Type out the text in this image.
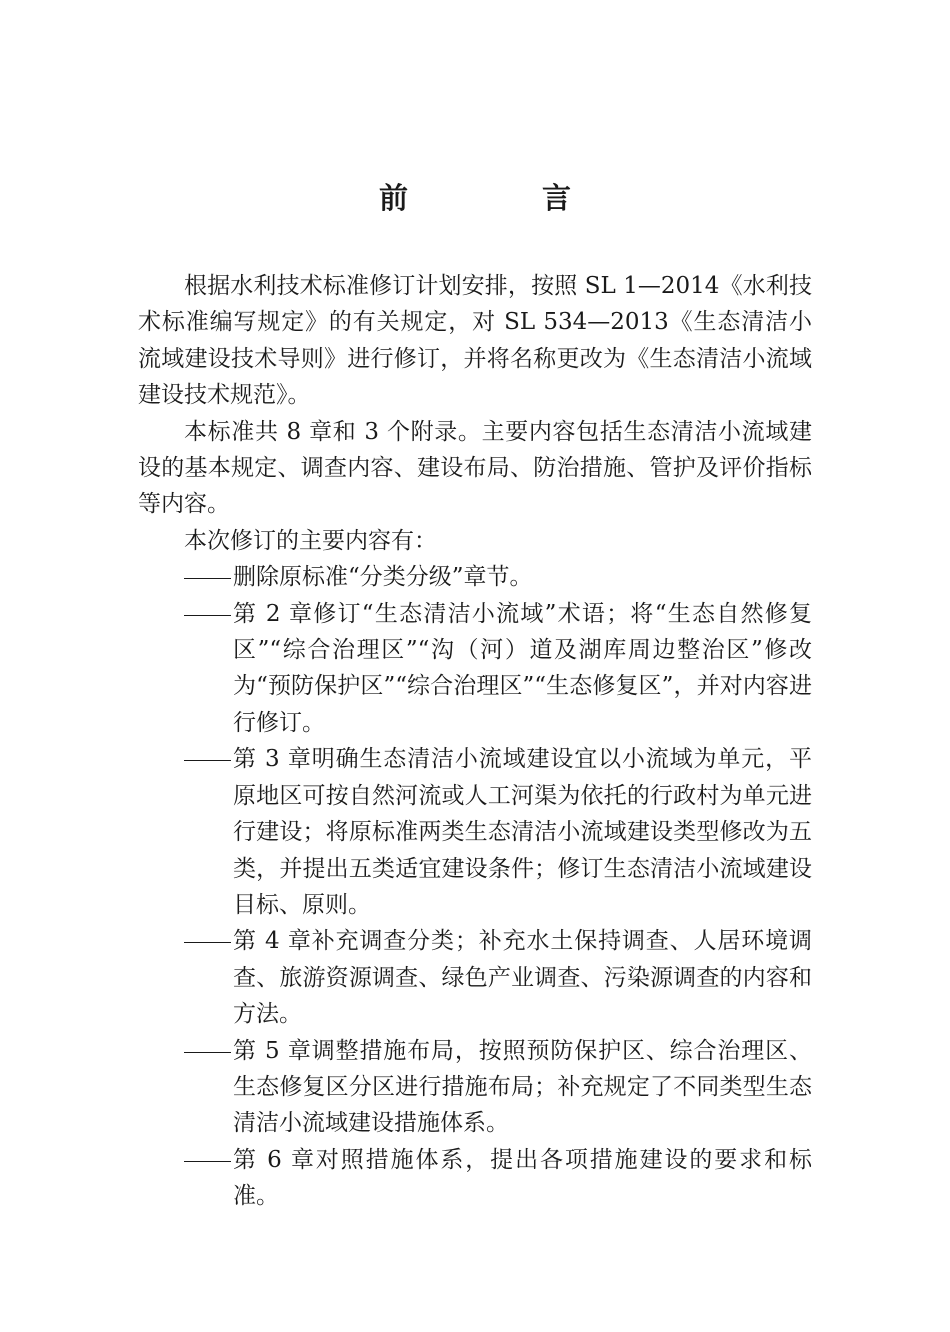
前 言

根据水利技术标准修订计划安排，按照 SL 1—2014《水利技术标准编写规定》的有关规定，对 SL 534—2013《生态清洁小流域建设技术导则》进行修订，并将名称更改为《生态清洁小流域建设技术规范》。

本标准共 8 章和 3 个附录。主要内容包括生态清洁小流域建设的基本规定、调查内容、建设布局、防治措施、管护及评价指标等内容。

本次修订的主要内容有：

删除原标准“分类分级”章节。
第 2 章修订“生态清洁小流域”术语；将“生态自然修复区”“综合治理区”“沟（河）道及湖库周边整治区”修改为“预防保护区”“综合治理区”“生态修复区”，并对内容进行修订。
第 3 章明确生态清洁小流域建设宜以小流域为单元，平原地区可按自然河流或人工河渠为依托的行政村为单元进行建设；将原标准两类生态清洁小流域建设类型修改为五类，并提出五类适宜建设条件；修订生态清洁小流域建设目标、原则。
第 4 章补充调查分类；补充水土保持调查、人居环境调查、旅游资源调查、绿色产业调查、污染源调查的内容和方法。
第 5 章调整措施布局，按照预防保护区、综合治理区、生态修复区分区进行措施布局；补充规定了不同类型生态清洁小流域建设措施体系。
第 6 章对照措施体系，提出各项措施建设的要求和标准。
